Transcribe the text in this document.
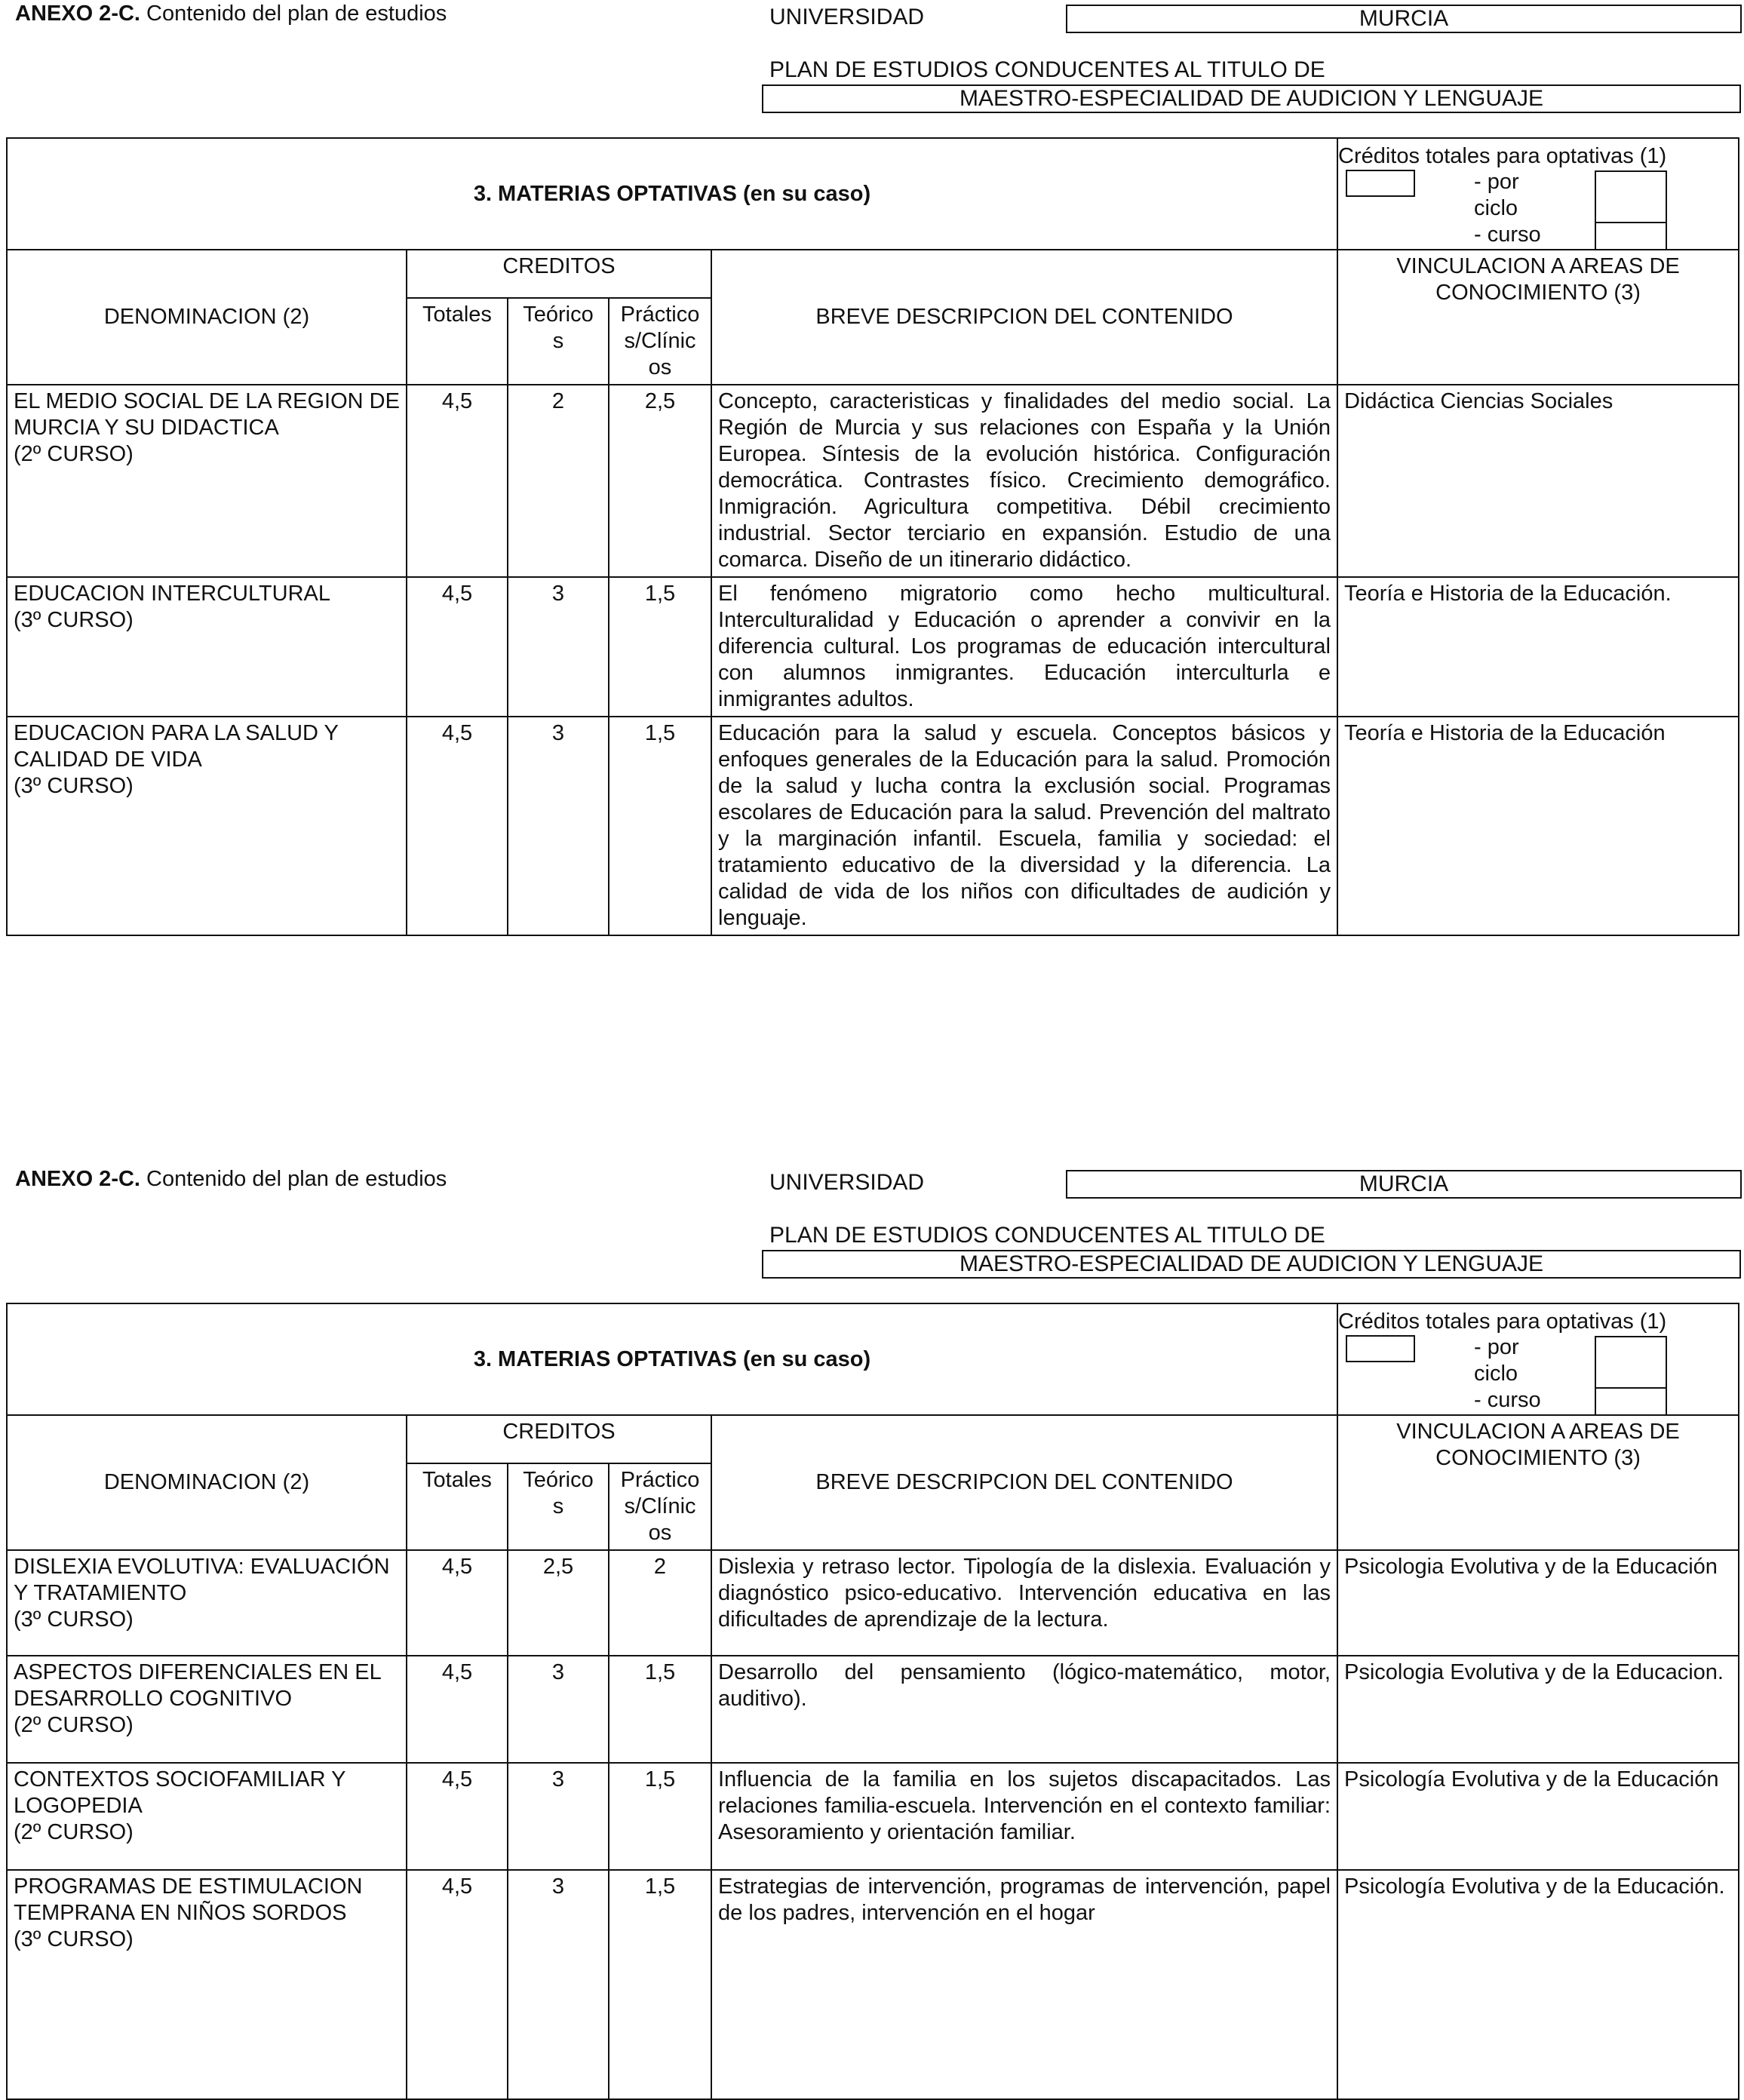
ANEXO 2-C. Contenido del plan de estudios	UNIVERSIDAD	MURCIA
PLAN DE ESTUDIOS CONDUCENTES AL TITULO DE
MAESTRO-ESPECIALIDAD DE AUDICION Y LENGUAJE
3. MATERIAS OPTATIVAS (en su caso)					Créditos totales para optativas (1)
- por
ciclo
- curso

DENOMINACION (2)	CREDITOS			BREVE DESCRIPCION DEL CONTENIDO	VINCULACION A AREAS DE CONOCIMIENTO (3)
	Totales	Teórico s	Práctico s/Clínic os		
EL MEDIO SOCIAL DE LA REGION DE MURCIA Y SU DIDACTICA
(2º CURSO)	4,5	2	2,5	Concepto, caracteristicas y finalidades del medio social. La Región de Murcia y sus relaciones con España y la Unión Europea. Síntesis de la evolución histórica. Configuración democrática. Contrastes físico. Crecimiento demográfico. Inmigración. Agricultura competitiva. Débil crecimiento industrial. Sector terciario en expansión. Estudio de una comarca. Diseño de un itinerario didáctico.	Didáctica Ciencias Sociales
EDUCACION INTERCULTURAL
(3º CURSO)	4,5	3	1,5	El fenómeno migratorio como hecho multicultural. Interculturalidad y Educación o aprender a convivir en la diferencia cultural. Los programas de educación intercultural con alumnos inmigrantes. Educación interculturla e inmigrantes adultos.	Teoría e Historia de la Educación.
EDUCACION PARA LA SALUD Y CALIDAD DE VIDA
(3º CURSO)	4,5	3	1,5	Educación para la salud y escuela. Conceptos básicos y enfoques generales de la Educación para la salud. Promoción de la salud y lucha contra la exclusión social. Programas escolares de Educación para la salud. Prevención del maltrato y la marginación infantil. Escuela, familia y sociedad: el tratamiento educativo de la diversidad y la diferencia. La calidad de vida de los niños con dificultades de audición y lenguaje.	Teoría e Historia de la Educación
ANEXO 2-C. Contenido del plan de estudios	UNIVERSIDAD	MURCIA
PLAN DE ESTUDIOS CONDUCENTES AL TITULO DE
MAESTRO-ESPECIALIDAD DE AUDICION Y LENGUAJE
3. MATERIAS OPTATIVAS (en su caso)					Créditos totales para optativas (1)
- por
ciclo
- curso

DENOMINACION (2)	CREDITOS			BREVE DESCRIPCION DEL CONTENIDO	VINCULACION A AREAS DE CONOCIMIENTO (3)
	Totales	Teórico s	Práctico s/Clínic os		
DISLEXIA EVOLUTIVA: EVALUACIÓN Y TRATAMIENTO
(3º CURSO)	4,5	2,5	2	Dislexia y retraso lector. Tipología de la dislexia. Evaluación y diagnóstico psico-educativo. Intervención educativa en las dificultades de aprendizaje de la lectura.	Psicologia Evolutiva y de la Educación
ASPECTOS DIFERENCIALES EN EL DESARROLLO COGNITIVO
(2º CURSO)	4,5	3	1,5	Desarrollo del pensamiento (lógico-matemático, motor, auditivo).	Psicologia Evolutiva y de la Educacion.
CONTEXTOS SOCIOFAMILIAR Y LOGOPEDIA
(2º CURSO)	4,5	3	1,5	Influencia de la familia en los sujetos discapacitados. Las relaciones familia-escuela. Intervención en el contexto familiar: Asesoramiento y orientación familiar.	Psicología Evolutiva y de la Educación
PROGRAMAS DE ESTIMULACION TEMPRANA EN NIÑOS SORDOS
(3º CURSO)	4,5	3	1,5	Estrategias de intervención, programas de intervención, papel de los padres, intervención en el hogar	Psicología Evolutiva y de la Educación.
